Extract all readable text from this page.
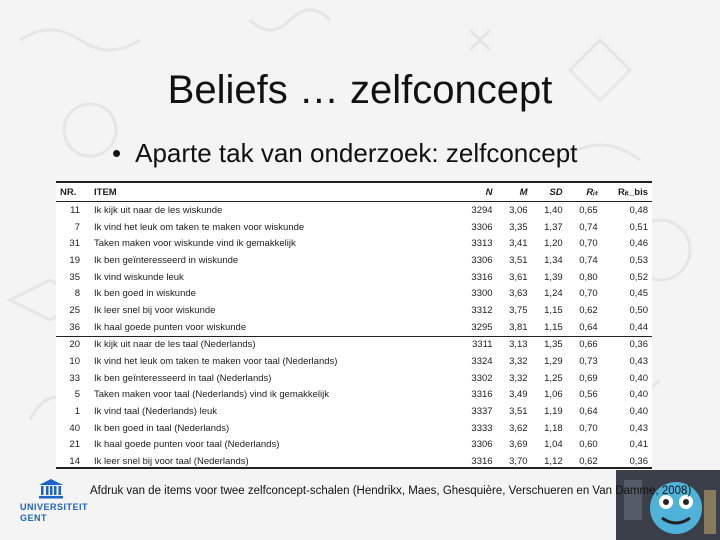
Beliefs … zelfconcept
• Aparte tak van onderzoek: zelfconcept
NR.	ITEM	N	M	SD	Rᵢₜ	Rᵢₜ_bis
11	Ik kijk uit naar de les wiskunde	3294	3,06	1,40	0,65	0,48
7	Ik vind het leuk om taken te maken voor wiskunde	3306	3,35	1,37	0,74	0,51
31	Taken maken voor wiskunde vind ik gemakkelijk	3313	3,41	1,20	0,70	0,46
19	Ik ben geïnteresseerd in wiskunde	3306	3,51	1,34	0,74	0,53
35	Ik vind wiskunde leuk	3316	3,61	1,39	0,80	0,52
8	Ik ben goed in wiskunde	3300	3,63	1,24	0,70	0,45
25	Ik leer snel bij voor wiskunde	3312	3,75	1,15	0,62	0,50
36	Ik haal goede punten voor wiskunde	3295	3,81	1,15	0,64	0,44
20	Ik kijk uit naar de les taal (Nederlands)	3311	3,13	1,35	0,66	0,36
10	Ik vind het leuk om taken te maken voor taal (Nederlands)	3324	3,32	1,29	0,73	0,43
33	Ik ben geïnteresseerd in taal (Nederlands)	3302	3,32	1,25	0,69	0,40
5	Taken maken voor taal (Nederlands) vind ik gemakkelijk	3316	3,49	1,06	0,56	0,40
1	Ik vind taal (Nederlands) leuk	3337	3,51	1,19	0,64	0,40
40	Ik ben goed in taal (Nederlands)	3333	3,62	1,18	0,70	0,43
21	Ik haal goede punten voor taal (Nederlands)	3306	3,69	1,04	0,60	0,41
14	Ik leer snel bij voor taal (Nederlands)	3316	3,70	1,12	0,62	0,36
Afdruk van de items voor twee zelfconcept-schalen (Hendrikx, Maes, Ghesquière, Verschueren en Van Damme, 2008)
UNIVERSITEIT
GENT
